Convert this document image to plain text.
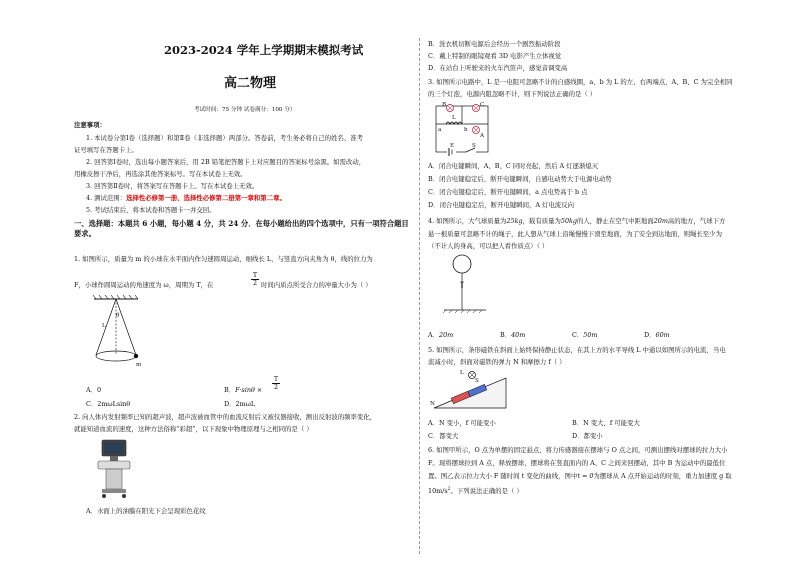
2023-2024 学年上学期期末模拟考试
高二物理
考试时间：75 分钟 试卷满分：100 分）
注意事项：
1. 本试卷分第Ⅰ卷（选择题）和第Ⅱ卷（非选择题）两部分。答卷前，考生务必将自己的姓名、准考
证号填写在答题卡上。
2. 回答第Ⅰ卷时，选出每小题答案后，用 2B 铅笔把答题卡上对应题目的答案标号涂黑。如需改动，
用橡皮擦干净后，再选涂其他答案标号。写在本试卷上无效。
3. 回答第Ⅱ卷时，将答案写在答题卡上。写在本试卷上无效。
4. 测试范围：选择性必修第一册、选择性必修第二册第一章和第二章。
5. 考试结束后，将本试卷和答题卡一并交回。
一、选择题：本题共 6 小题，每小题 4 分，共 24 分．在每小题给出的四个选项中，只有一项符合题目要求。
1. 如图所示，质量为 m 的小球在水平面内作匀速圆周运动，细线长 L，与竖直方向夹角为 θ，线的拉力为
F，小球作圆周运动的角速度为 ω，周期为 T，在
T
2 时间内质点所受合力的冲量大小为（ ）
L
θ
m
A．0	B．F·sinθ ×
T
2
C．2mωLsinθ	D．2mωL
2. 向人体内发射频率已知的超声波，超声波被血管中的血流反射后又被仪器接收，测出反射波的频率变化，
就能知道血流的速度，这种方法俗称“彩超”，以下现象中物理原理与之相同的是（ ）
A．水面上的油膜在阳光下会呈现彩色花纹
B．洗衣机切断电源后会经历一个剧烈振动阶段
C．戴上特制的眼镜观看 3D 电影产生立体视觉
D．在站台上听驶来的火车汽笛声，感觉音调变高
3. 如图所示电路中，L 是一电阻可忽略不计的自感线圈，a、b 为 L 的左、右两端点，A、B、C 为完全相同
的三个灯泡，电源内阻忽略不计，则下列说法正确的是（ ）
B	C
A
a
L
b
E	S
A．闭合电键瞬间，A、B、C 同时亮起，然后 A 灯逐渐熄灭
B．闭合电键稳定后，断开电键瞬间，自感电动势大于电源电动势
C．闭合电键稳定后，断开电键瞬间，a 点电势高于 b 点
D．闭合电键稳定后，断开电键瞬间，A 灯电流反向
4. 如图所示，大气球质量为25kg，载有质量为50kg的人，静止在空气中距地面20m高的地方，气球下方
悬一根质量可忽略不计的绳子，此人想从气球上沿绳慢慢下滑至地面，为了安全到达地面，则绳长至少为
（不计人的身高，可以把人看作质点）（ ）
A．20m	B．40m	C．50m	D．60m
5. 如图所示，条形磁铁在斜面上始终保持静止状态，在其上方的水平导线 L 中通以如图所示的电流，当电
流减小时，斜面对磁铁的弹力 N 和摩擦力 f（ ）
L
S
N
A．N 变小，f 可能变小	B．N 变大，f 可能变大
C．都变大	D．都变小
6. 如图甲所示，O 点为单摆的固定悬点，将力传感器接在摆球与 O 点之间，可测出摆线对摆球的拉力大小
F。现将摆球拉到 A 点，释放摆球，摆球将在竖直面内的 A、C 之间来回摆动，其中 B 为运动中的最低位
置。图乙表示拉力大小 F 随时间 t 变化的曲线，图中t = 0为摆球从 A 点开始运动的时刻，重力加速度 g 取
$10m/s^2$。下列说法正确的是（ ）
